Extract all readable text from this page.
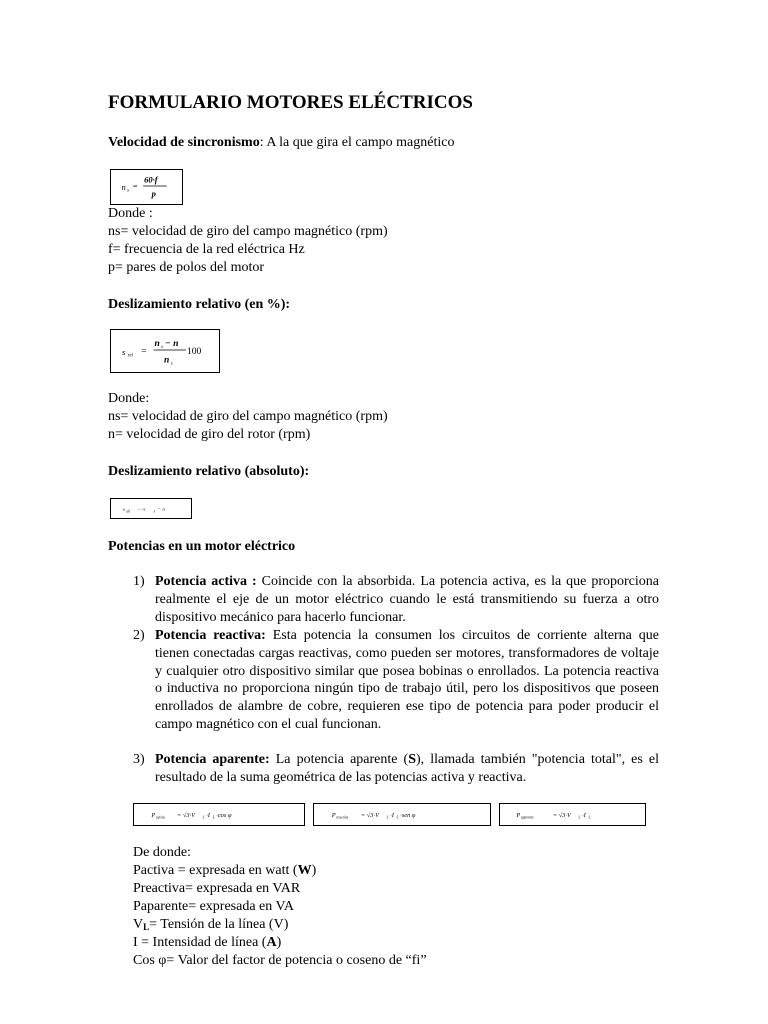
FORMULARIO MOTORES ELÉCTRICOS
Velocidad de sincronismo: A la que gira el campo magnético
n s
=
60·f
p
Donde :
ns= velocidad de giro del campo magnético (rpm)
f= frecuencia de la red eléctrica Hz
p= pares de polos del motor
Deslizamiento relativo (en %):
s rel =
n s − n
n s
100
Donde:
ns= velocidad de giro del campo magnético (rpm)
n= velocidad de giro del rotor (rpm)
Deslizamiento relativo (absoluto):
s ab = n s − n
Potencias en un motor eléctrico
1) Potencia activa : Coincide con la absorbida. La potencia activa, es la que proporciona realmente el eje de un motor eléctrico cuando le está transmitiendo su fuerza a otro dispositivo mecánico para hacerlo funcionar.
2) Potencia reactiva: Esta potencia la consumen los circuitos de corriente alterna que tienen conectadas cargas reactivas, como pueden ser motores, transformadores de voltaje y cualquier otro dispositivo similar que posea bobinas o enrollados. La potencia reactiva o inductiva no proporciona ningún tipo de trabajo útil, pero los dispositivos que poseen enrollados de alambre de cobre, requieren ese tipo de potencia para poder producir el campo magnético con el cual funcionan.
3) Potencia aparente: La potencia aparente (S), llamada también "potencia total", es el resultado de la suma geométrica de las potencias activa y reactiva.
P activa = √3·V L ·I L ·cos φ	P reactiva = √3·V L ·I L ·sen φ	P aparente	= √3·V L ·I L
De donde:
Pactiva = expresada en watt (W)
Preactiva= expresada en VAR
Paparente= expresada en VA
$V_L=$ Tensión de la línea (V)
I = Intensidad de línea (A)
Cos φ= Valor del factor de potencia o coseno de “fi”
